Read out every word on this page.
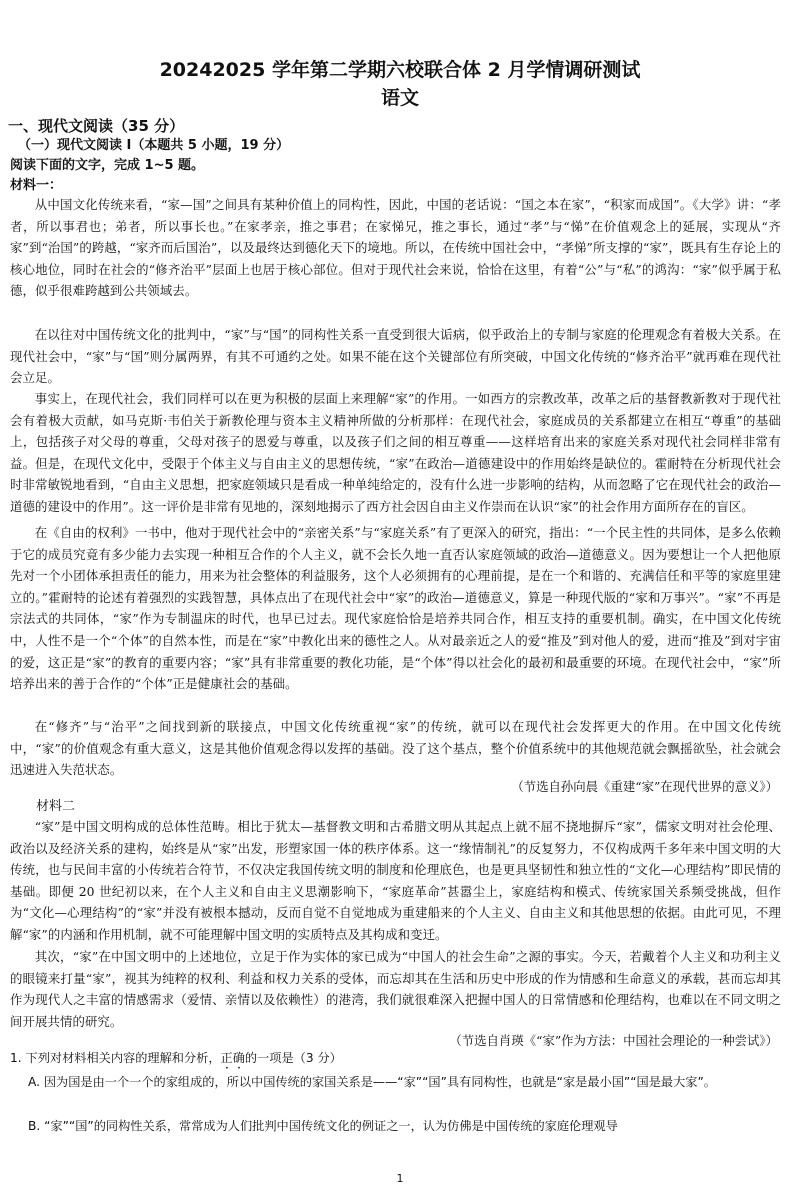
20242025 学年第二学期六校联合体 2 月学情调研测试
语文
一、现代文阅读（35 分）
（一）现代文阅读 I（本题共 5 小题，19 分）
阅读下面的文字，完成 1~5 题。
材料一：
从中国文化传统来看，“家—国”之间具有某种价值上的同构性，因此，中国的老话说：“国之本在家”，“积家而成国”。《大学》讲：“孝者，所以事君也；弟者，所以事长也。”在家孝亲，推之事君；在家悌兄，推之事长，通过“孝”与“悌”在价值观念上的延展，实现从“齐家”到“治国”的跨越，“家齐而后国治”，以及最终达到德化天下的境地。所以，在传统中国社会中，“孝悌”所支撑的“家”，既具有生存论上的核心地位，同时在社会的“修齐治平”层面上也居于核心部位。但对于现代社会来说，恰恰在这里，有着“公”与“私”的鸿沟：“家”似乎属于私德，似乎很难跨越到公共领域去。
在以往对中国传统文化的批判中，“家”与“国”的同构性关系一直受到很大诟病，似乎政治上的专制与家庭的伦理观念有着极大关系。在现代社会中，“家”与“国”则分属两界，有其不可通约之处。如果不能在这个关键部位有所突破，中国文化传统的“修齐治平”就再难在现代社会立足。
事实上，在现代社会，我们同样可以在更为积极的层面上来理解“家”的作用。一如西方的宗教改革，改革之后的基督教新教对于现代社会有着极大贡献，如马克斯·韦伯关于新教伦理与资本主义精神所做的分析那样：在现代社会，家庭成员的关系都建立在相互“尊重”的基础上，包括孩子对父母的尊重，父母对孩子的恩爱与尊重，以及孩子们之间的相互尊重——这样培育出来的家庭关系对现代社会同样非常有益。但是，在现代文化中，受限于个体主义与自由主义的思想传统，“家”在政治—道德建设中的作用始终是缺位的。霍耐特在分析现代社会时非常敏锐地看到，“自由主义思想，把家庭领域只是看成一种单纯给定的，没有什么进一步影响的结构，从而忽略了它在现代社会的政治—道德的建设中的作用”。这一评价是非常有见地的，深刻地揭示了西方社会因自由主义作崇而在认识“家”的社会作用方面所存在的盲区。
在《自由的权利》一书中，他对于现代社会中的“亲密关系”与“家庭关系”有了更深入的研究，指出：“一个民主性的共同体，是多么依赖于它的成员究竟有多少能力去实现一种相互合作的个人主义，就不会长久地一直否认家庭领域的政治—道德意义。因为要想让一个人把他原先对一个小团体承担责任的能力，用来为社会整体的利益服务，这个人必须拥有的心理前提，是在一个和谐的、充满信任和平等的家庭里建立的。”霍耐特的论述有着强烈的实践智慧，具体点出了在现代社会中“家”的政治—道德意义，算是一种现代版的“家和万事兴”。“家”不再是宗法式的共同体，“家”作为专制温床的时代，也早已过去。现代家庭恰恰是培养共同合作，相互支持的重要机制。确实，在中国文化传统中，人性不是一个“个体”的自然本性，而是在“家”中教化出来的德性之人。从对最亲近之人的爱“推及”到对他人的爱，进而“推及”到对宇宙的爱，这正是“家”的教育的重要内容；“家”具有非常重要的教化功能，是“个体”得以社会化的最初和最重要的环境。在现代社会中，“家”所培养出来的善于合作的“个体”正是健康社会的基础。
在“修齐”与“治平”之间找到新的联接点，中国文化传统重视“家”的传统，就可以在现代社会发挥更大的作用。在中国文化传统中，“家”的价值观念有重大意义，这是其他价值观念得以发挥的基础。没了这个基点，整个价值系统中的其他规范就会飘摇欲坠，社会就会迅速进入失范状态。
（节选自孙向晨《重建“家”在现代世界的意义》）
材料二
“家”是中国文明构成的总体性范畴。相比于犹太—基督教文明和古希腊文明从其起点上就不屈不挠地摒斥“家”，儒家文明对社会伦理、政治以及经济关系的建构，始终是从“家”出发，形塑家国一体的秩序体系。这一“缘情制礼”的反复努力，不仅构成两千多年来中国文明的大传统，也与民间丰富的小传统若合符节，不仅决定我国传统文明的制度和伦理底色，也是更具坚韧性和独立性的“文化—心理结构”即民情的基础。即便 20 世纪初以来，在个人主义和自由主义思潮影响下，“家庭革命”甚嚣尘上，家庭结构和模式、传统家国关系频受挑战，但作为“文化—心理结构”的“家”并没有被根本撼动，反而自觉不自觉地成为重建船来的个人主义、自由主义和其他思想的依据。由此可见，不理解“家”的内涵和作用机制，就不可能理解中国文明的实质特点及其构成和变迁。
其次，“家”在中国文明中的上述地位，立足于作为实体的家已成为“中国人的社会生命”之源的事实。今天，若戴着个人主义和功利主义的眼镜来打量“家”，视其为纯粹的权利、利益和权力关系的受体，而忘却其在生活和历史中形成的作为情感和生命意义的承载，甚而忘却其作为现代人之丰富的情感需求（爱情、亲情以及依赖性）的港湾，我们就很难深入把握中国人的日常情感和伦理结构，也难以在不同文明之间开展共情的研究。
（节选自肖瑛《“家”作为方法：中国社会理论的一种尝试》）
1. 下列对材料相关内容的理解和分析，正确的一项是（3 分）
A. 因为国是由一个一个的家组成的，所以中国传统的家国关系是——“家”“国”具有同构性，也就是“家是最小国”“国是最大家”。
B. “家”“国”的同构性关系，常常成为人们批判中国传统文化的例证之一，认为仿佛是中国传统的家庭伦理观导
1
